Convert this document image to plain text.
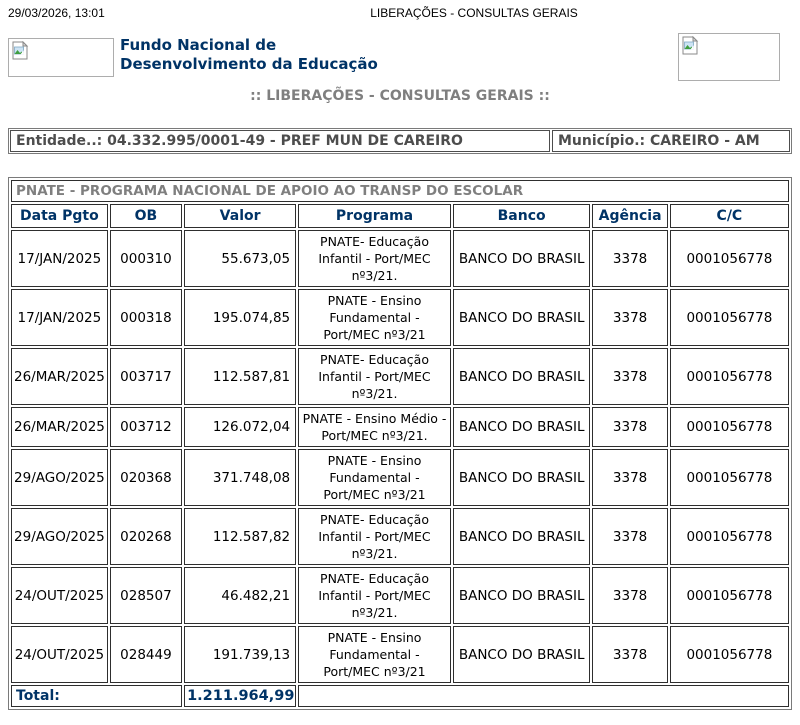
29/03/2026, 13:01	LIBERAÇÕES - CONSULTAS GERAIS
Fundo Nacional de
Desenvolvimento da Educação
:: LIBERAÇÕES - CONSULTAS GERAIS ::
Entidade..: 04.332.995/0001-49 - PREF MUN DE CAREIRO	Município.: CAREIRO - AM
PNATE - PROGRAMA NACIONAL DE APOIO AO TRANSP DO ESCOLAR						
Data Pgto	OB	Valor	Programa	Banco	Agência	C/C
17/JAN/2025	000310	55.673,05	PNATE- Educação Infantil - Port/MEC nº3/21.	BANCO DO BRASIL	3378	0001056778
17/JAN/2025	000318	195.074,85	PNATE - Ensino Fundamental - Port/MEC nº3/21	BANCO DO BRASIL	3378	0001056778
26/MAR/2025	003717	112.587,81	PNATE- Educação Infantil - Port/MEC nº3/21.	BANCO DO BRASIL	3378	0001056778
26/MAR/2025	003712	126.072,04	PNATE - Ensino Médio - Port/MEC nº3/21.	BANCO DO BRASIL	3378	0001056778
29/AGO/2025	020368	371.748,08	PNATE - Ensino Fundamental - Port/MEC nº3/21	BANCO DO BRASIL	3378	0001056778
29/AGO/2025	020268	112.587,82	PNATE- Educação Infantil - Port/MEC nº3/21.	BANCO DO BRASIL	3378	0001056778
24/OUT/2025	028507	46.482,21	PNATE- Educação Infantil - Port/MEC nº3/21.	BANCO DO BRASIL	3378	0001056778
24/OUT/2025	028449	191.739,13	PNATE - Ensino Fundamental - Port/MEC nº3/21	BANCO DO BRASIL	3378	0001056778
Total:		1.211.964,99				
